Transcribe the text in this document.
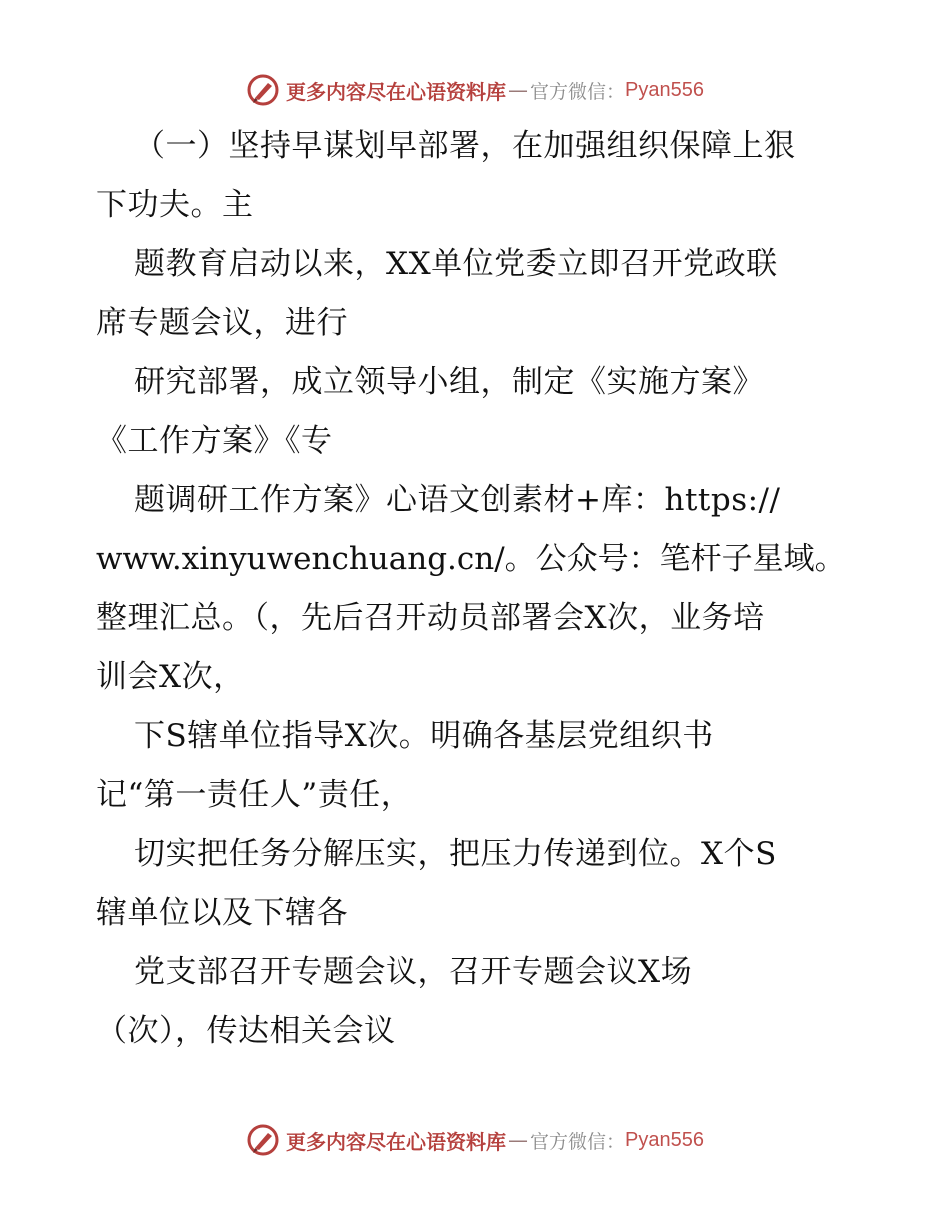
更多内容尽在心语资料库 — 官方微信： Pyan556
（一）坚持早谋划早部署，在加强组织保障上狠
下功夫。主
题教育启动以来，XX单位党委立即召开党政联
席专题会议，进行
研究部署，成立领导小组，制定《实施方案》
《工作方案》《专
题调研工作方案》心语文创素材+库：https://
www.xinyuwenchuang.cn/。公众号：笔杆子星域。
整理汇总。（，先后召开动员部署会X次，业务培
训会X次，
下S辖单位指导X次。明确各基层党组织书
记“第一责任人”责任，
切实把任务分解压实，把压力传递到位。X个S
辖单位以及下辖各
党支部召开专题会议，召开专题会议X场
（次），传达相关会议
更多内容尽在心语资料库 — 官方微信： Pyan556
